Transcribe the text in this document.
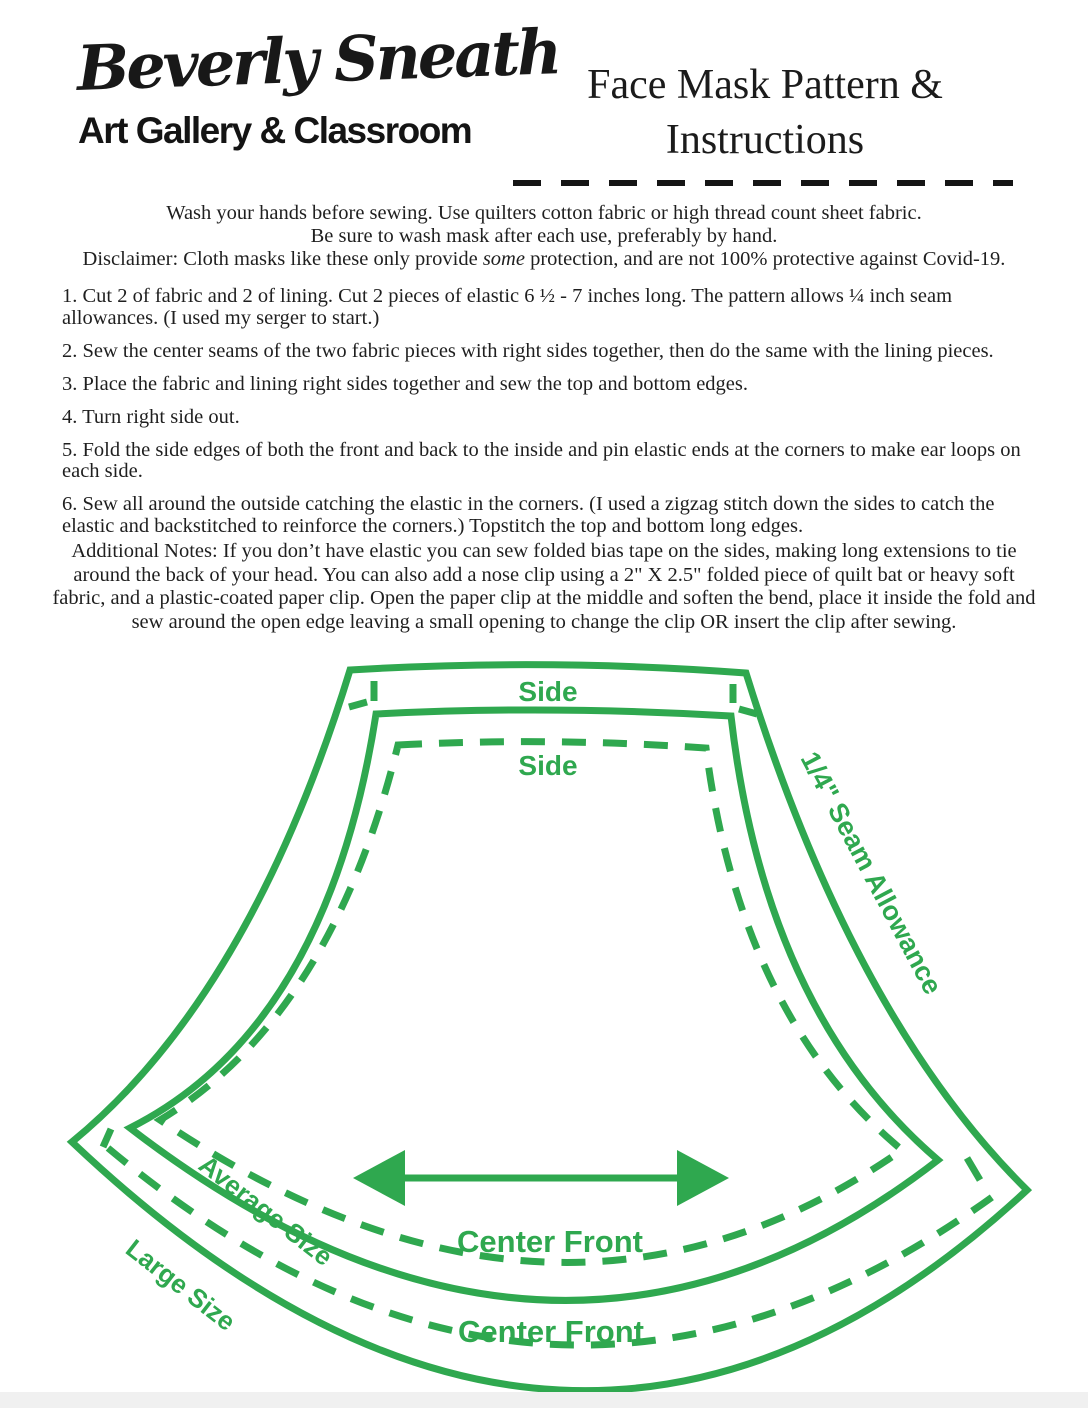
Beverly Sneath
Art Gallery & Classroom
Face Mask Pattern &
Instructions
Wash your hands before sewing. Use quilters cotton fabric or high thread count sheet fabric.
Be sure to wash mask after each use, preferably by hand.
Disclaimer: Cloth masks like these only provide some protection, and are not 100% protective against Covid-19.

1. Cut 2 of fabric and 2 of lining. Cut 2 pieces of elastic 6 ½ - 7 inches long. The pattern allows ¼ inch seam allowances. (I used my serger to start.)

2. Sew the center seams of the two fabric pieces with right sides together, then do the same with the lining pieces.

3. Place the fabric and lining right sides together and sew the top and bottom edges.

4. Turn right side out.

5. Fold the side edges of both the front and back to the inside and pin elastic ends at the corners to make ear loops on each side.

6. Sew all around the outside catching the elastic in the corners. (I used a zigzag stitch down the sides to catch the elastic and backstitched to reinforce the corners.) Topstitch the top and bottom long edges.

Additional Notes: If you don’t have elastic you can sew folded bias tape on the sides, making long extensions to tie around the back of your head. You can also add a nose clip using a 2" X 2.5" folded piece of quilt bat or heavy soft fabric, and a plastic-coated paper clip. Open the paper clip at the middle and soften the bend, place it inside the fold and sew around the open edge leaving a small opening to change the clip OR insert the clip after sewing.
Side
Side	1/4" Seam Allowance
Center Front
Center Front
Average Size
Large Size
